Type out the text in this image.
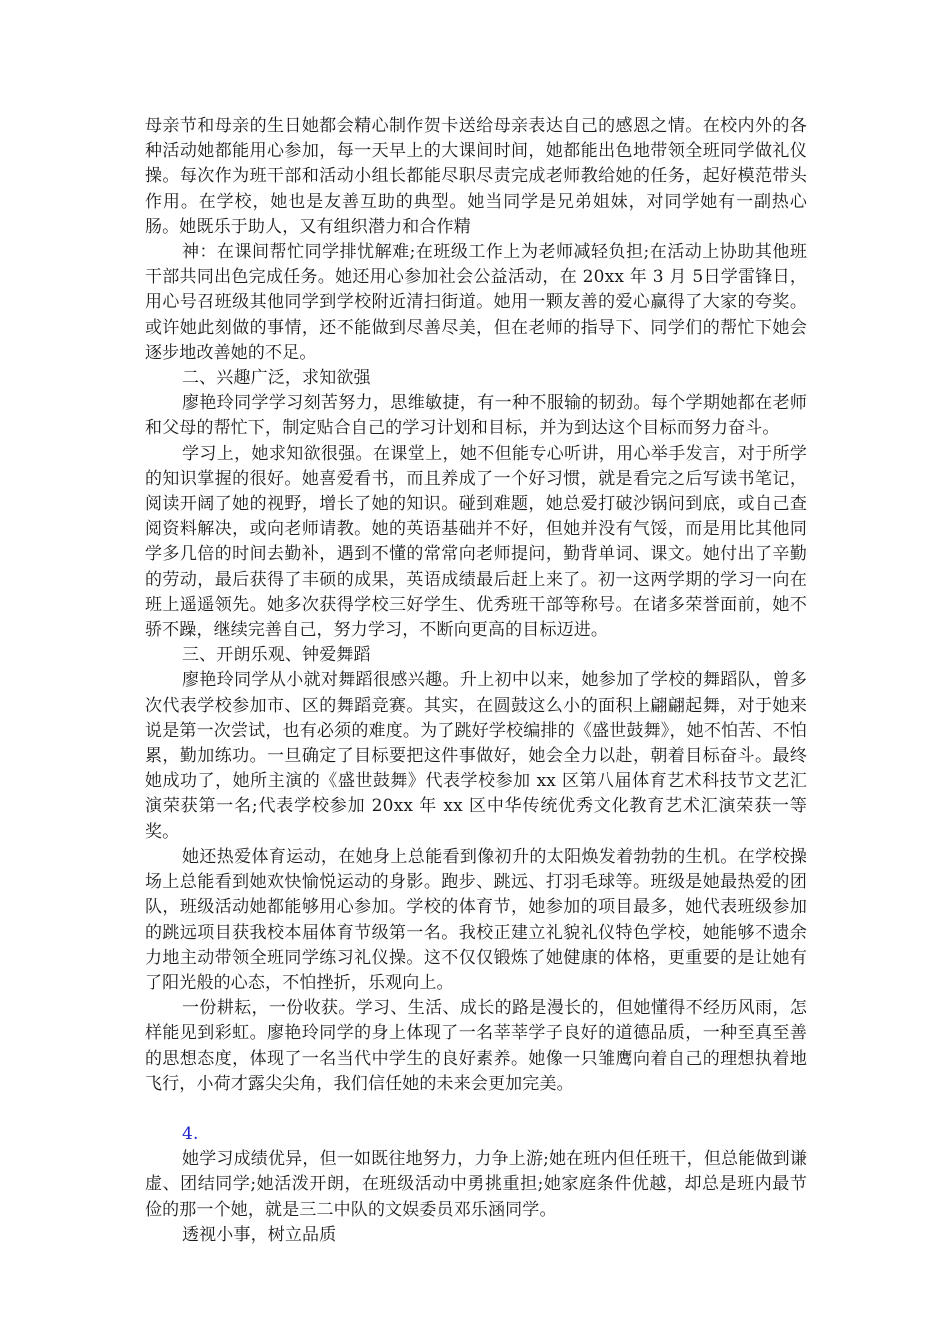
母亲节和母亲的生日她都会精心制作贺卡送给母亲表达自己的感恩之情。在校内外的各种活动她都能用心参加，每一天早上的大课间时间，她都能出色地带领全班同学做礼仪操。每次作为班干部和活动小组长都能尽职尽责完成老师教给她的任务，起好模范带头作用。在学校，她也是友善互助的典型。她当同学是兄弟姐妹，对同学她有一副热心肠。她既乐于助人，又有组织潜力和合作精

神：在课间帮忙同学排忧解难;在班级工作上为老师减轻负担;在活动上协助其他班干部共同出色完成任务。她还用心参加社会公益活动，在 20xx 年 3 月 5日学雷锋日，用心号召班级其他同学到学校附近清扫街道。她用一颗友善的爱心赢得了大家的夸奖。或许她此刻做的事情，还不能做到尽善尽美，但在老师的指导下、同学们的帮忙下她会逐步地改善她的不足。

二、兴趣广泛，求知欲强

廖艳玲同学学习刻苦努力，思维敏捷，有一种不服输的韧劲。每个学期她都在老师和父母的帮忙下，制定贴合自己的学习计划和目标，并为到达这个目标而努力奋斗。

学习上，她求知欲很强。在课堂上，她不但能专心听讲，用心举手发言，对于所学的知识掌握的很好。她喜爱看书，而且养成了一个好习惯，就是看完之后写读书笔记，阅读开阔了她的视野，增长了她的知识。碰到难题，她总爱打破沙锅问到底，或自己查阅资料解决，或向老师请教。她的英语基础并不好，但她并没有气馁，而是用比其他同学多几倍的时间去勤补，遇到不懂的常常向老师提问，勤背单词、课文。她付出了辛勤的劳动，最后获得了丰硕的成果，英语成绩最后赶上来了。初一这两学期的学习一向在班上遥遥领先。她多次获得学校三好学生、优秀班干部等称号。在诸多荣誉面前，她不骄不躁，继续完善自己，努力学习，不断向更高的目标迈进。

三、开朗乐观、钟爱舞蹈

廖艳玲同学从小就对舞蹈很感兴趣。升上初中以来，她参加了学校的舞蹈队，曾多次代表学校参加市、区的舞蹈竞赛。其实，在圆鼓这么小的面积上翩翩起舞，对于她来说是第一次尝试，也有必须的难度。为了跳好学校编排的《盛世鼓舞》，她不怕苦、不怕累，勤加练功。一旦确定了目标要把这件事做好，她会全力以赴，朝着目标奋斗。最终她成功了，她所主演的《盛世鼓舞》代表学校参加 xx 区第八届体育艺术科技节文艺汇演荣获第一名;代表学校参加 20xx 年 xx 区中华传统优秀文化教育艺术汇演荣获一等奖。

她还热爱体育运动，在她身上总能看到像初升的太阳焕发着勃勃的生机。在学校操场上总能看到她欢快愉悦运动的身影。跑步、跳远、打羽毛球等。班级是她最热爱的团队，班级活动她都能够用心参加。学校的体育节，她参加的项目最多，她代表班级参加的跳远项目获我校本届体育节级第一名。我校正建立礼貌礼仪特色学校，她能够不遗余力地主动带领全班同学练习礼仪操。这不仅仅锻炼了她健康的体格，更重要的是让她有了阳光般的心态，不怕挫折，乐观向上。

一份耕耘，一份收获。学习、生活、成长的路是漫长的，但她懂得不经历风雨，怎样能见到彩虹。廖艳玲同学的身上体现了一名莘莘学子良好的道德品质，一种至真至善的思想态度，体现了一名当代中学生的良好素养。她像一只雏鹰向着自己的理想执着地飞行，小荷才露尖尖角，我们信任她的未来会更加完美。

4.

她学习成绩优异，但一如既往地努力，力争上游;她在班内但任班干，但总能做到谦虚、团结同学;她活泼开朗，在班级活动中勇挑重担;她家庭条件优越，却总是班内最节俭的那一个她，就是三二中队的文娱委员邓乐涵同学。

透视小事，树立品质
